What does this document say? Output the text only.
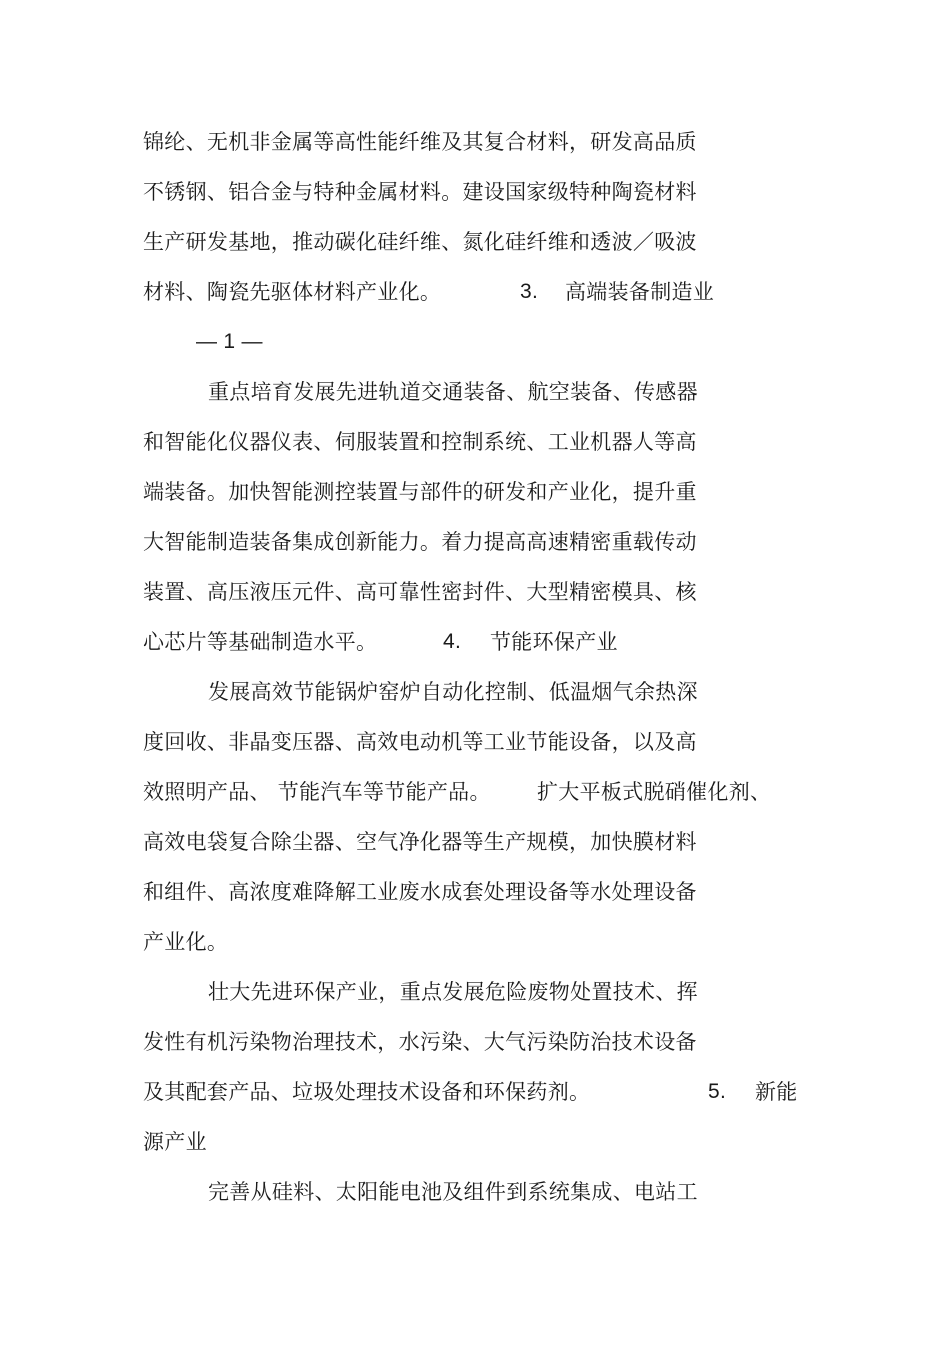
锦纶、无机非金属等高性能纤维及其复合材料，研发高品质
不锈钢、铝合金与特种金属材料。建设国家级特种陶瓷材料
生产研发基地，推动碳化硅纤维、氮化硅纤维和透波／吸波
材料、陶瓷先驱体材料产业化。	3. 高端装备制造业
— 1 —
重点培育发展先进轨道交通装备、航空装备、传感器
和智能化仪器仪表、伺服装置和控制系统、工业机器人等高
端装备。加快智能测控装置与部件的研发和产业化，提升重
大智能制造装备集成创新能力。着力提高高速精密重载传动
装置、高压液压元件、高可靠性密封件、大型精密模具、核
心芯片等基础制造水平。	4. 节能环保产业
发展高效节能锅炉窑炉自动化控制、低温烟气余热深
度回收、非晶变压器、高效电动机等工业节能设备，以及高
效照明产品、 节能汽车等节能产品。 扩大平板式脱硝催化剂、
高效电袋复合除尘器、空气净化器等生产规模，加快膜材料
和组件、高浓度难降解工业废水成套处理设备等水处理设备
产业化。
壮大先进环保产业，重点发展危险废物处置技术、挥
发性有机污染物治理技术，水污染、大气污染防治技术设备
及其配套产品、垃圾处理技术设备和环保药剂。	5. 新能
源产业
完善从硅料、太阳能电池及组件到系统集成、电站工
